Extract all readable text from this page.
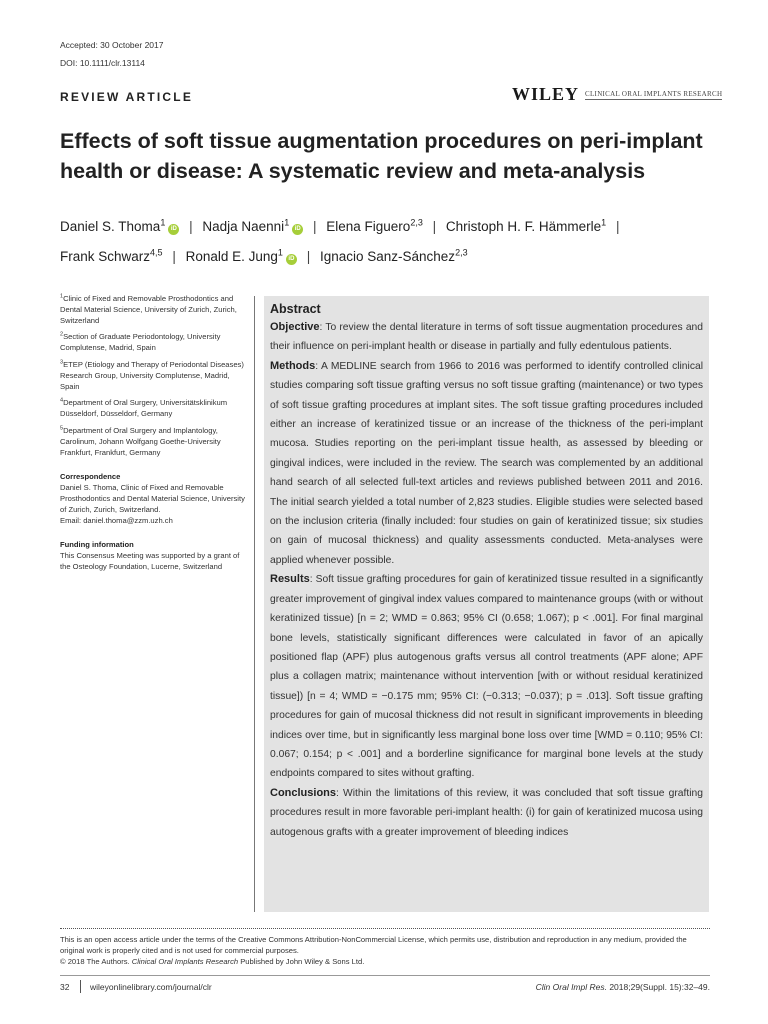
Accepted: 30 October 2017
DOI: 10.1111/clr.13114
REVIEW ARTICLE	WILEY CLINICAL ORAL IMPLANTS RESEARCH
Effects of soft tissue augmentation procedures on peri-implant
health or disease: A systematic review and meta-analysis
Daniel S. Thoma$^1$iD | Nadja Naenni$^1$iD | Elena Figuero$^{2,3}$ | Christoph H. F. Hämmerle$^1$ | Frank Schwarz$^{4,5}$ | Ronald E. Jung$^1$iD | Ignacio Sanz-Sánchez$^{2,3}$
$^1$Clinic of Fixed and Removable Prosthodontics and Dental Material Science, University of Zurich, Zurich, Switzerland
$^2$Section of Graduate Periodontology, University Complutense, Madrid, Spain
$^3$ETEP (Etiology and Therapy of Periodontal Diseases) Research Group, University Complutense, Madrid, Spain
$^4$Department of Oral Surgery, Universitätsklinikum Düsseldorf, Düsseldorf, Germany
$^5$Department of Oral Surgery and Implantology, Carolinum, Johann Wolfgang Goethe-University Frankfurt, Frankfurt, Germany
Correspondence

Daniel S. Thoma, Clinic of Fixed and Removable Prosthodontics and Dental Material Science, University of Zurich, Zurich, Switzerland.

Email: daniel.thoma@zzm.uzh.ch

Funding information

This Consensus Meeting was supported by a grant of the Osteology Foundation, Lucerne, Switzerland

Abstract

Objective: To review the dental literature in terms of soft tissue augmentation procedures and their influence on peri-implant health or disease in partially and fully edentulous patients.

Methods: A MEDLINE search from 1966 to 2016 was performed to identify controlled clinical studies comparing soft tissue grafting versus no soft tissue grafting (maintenance) or two types of soft tissue grafting procedures at implant sites. The soft tissue grafting procedures included either an increase of keratinized tissue or an increase of the thickness of the peri-implant mucosa. Studies reporting on the peri-implant tissue health, as assessed by bleeding or gingival indices, were included in the review. The search was complemented by an additional hand search of all selected full-text articles and reviews published between 2011 and 2016. The initial search yielded a total number of 2,823 studies. Eligible studies were selected based on the inclusion criteria (finally included: four studies on gain of keratinized tissue; six studies on gain of mucosal thickness) and quality assessments conducted. Meta-analyses were applied whenever possible.

Results: Soft tissue grafting procedures for gain of keratinized tissue resulted in a significantly greater improvement of gingival index values compared to maintenance groups (with or without keratinized tissue) [n = 2; WMD = 0.863; 95% CI (0.658; 1.067); p < .001]. For final marginal bone levels, statistically significant differences were calculated in favor of an apically positioned flap (APF) plus autogenous grafts versus all control treatments (APF alone; APF plus a collagen matrix; maintenance without intervention [with or without residual keratinized tissue]) [n = 4; WMD = −0.175 mm; 95% CI: (−0.313; −0.037); p = .013]. Soft tissue grafting procedures for gain of mucosal thickness did not result in significant improvements in bleeding indices over time, but in significantly less marginal bone loss over time [WMD = 0.110; 95% CI: 0.067; 0.154; p < .001] and a borderline significance for marginal bone levels at the study endpoints compared to sites without grafting.

Conclusions: Within the limitations of this review, it was concluded that soft tissue grafting procedures result in more favorable peri-implant health: (i) for gain of keratinized mucosa using autogenous grafts with a greater improvement of bleeding indices

This is an open access article under the terms of the Creative Commons Attribution-NonCommercial License, which permits use, distribution and reproduction in any medium, provided the original work is properly cited and is not used for commercial purposes.
© 2018 The Authors. Clinical Oral Implants Research Published by John Wiley & Sons Ltd.
32 wileyonlinelibrary.com/journal/clr	Clin Oral Impl Res. 2018;29(Suppl. 15):32–49.
